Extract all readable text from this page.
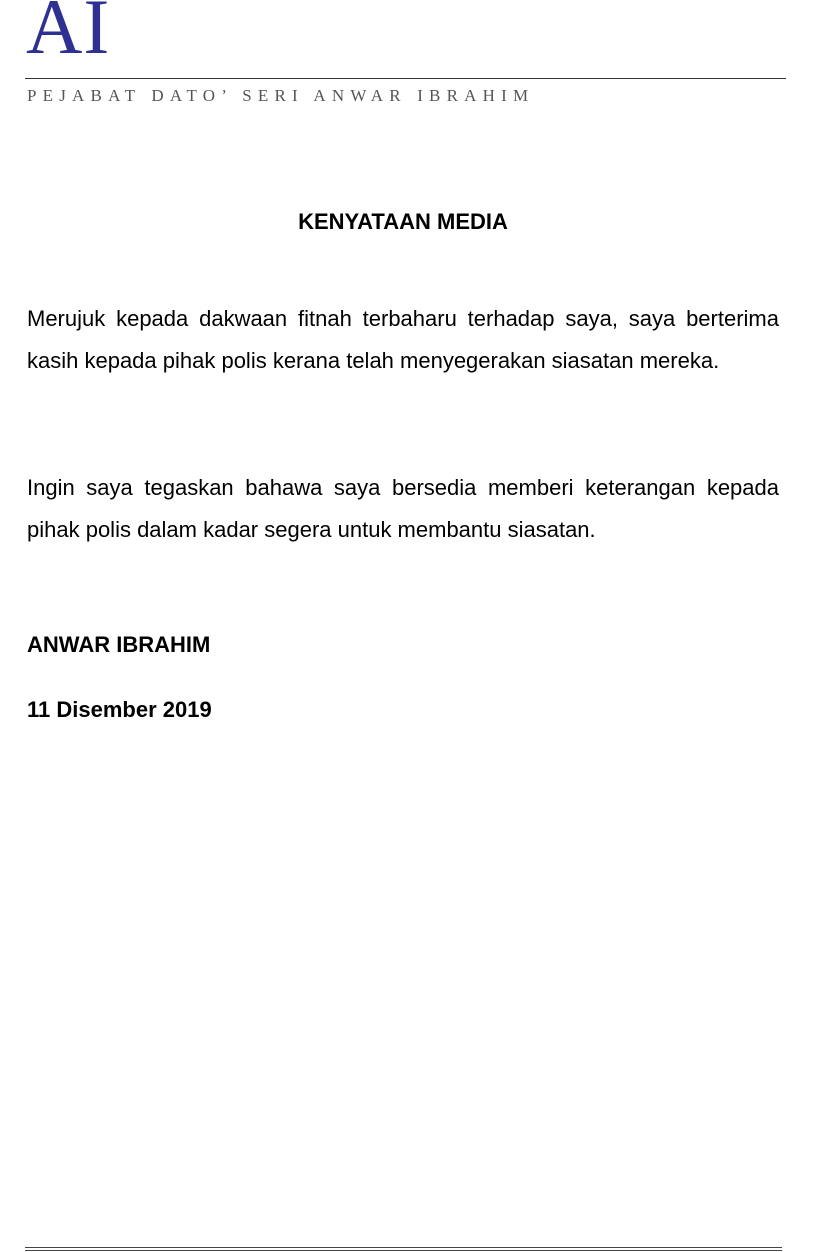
AI
PEJABAT DATO’ SERI ANWAR IBRAHIM
KENYATAAN MEDIA

Merujuk kepada dakwaan fitnah terbaharu terhadap saya, saya berterima kasih kepada pihak polis kerana telah menyegerakan siasatan mereka.

Ingin saya tegaskan bahawa saya bersedia memberi keterangan kepada pihak polis dalam kadar segera untuk membantu siasatan.

ANWAR IBRAHIM
11 Disember 2019
